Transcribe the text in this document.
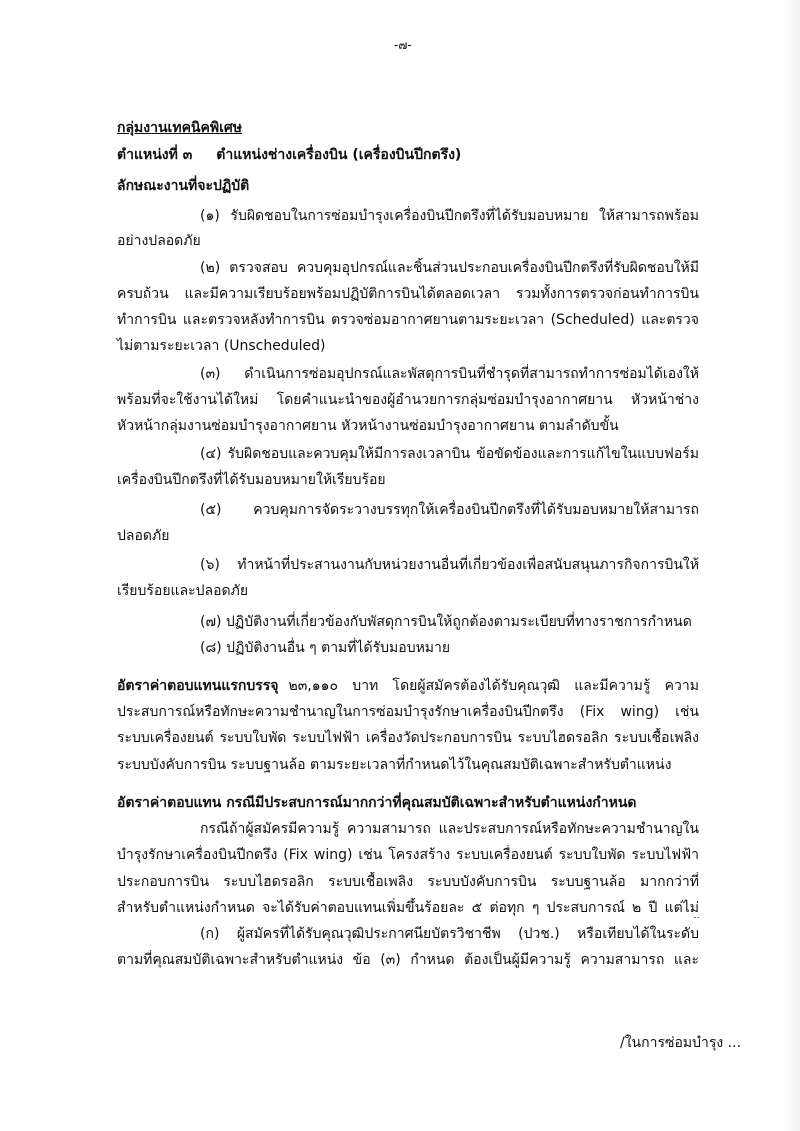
-๗-
กลุ่มงานเทคนิคพิเศษ
ตำแหน่งที่ ๓ ตำแหน่งช่างเครื่องบิน (เครื่องบินปีกตรึง)
ลักษณะงานที่จะปฏิบัติ
(๑) รับผิดชอบในการซ่อมบำรุงเครื่องบินปีกตรึงที่ได้รับมอบหมาย ให้สามารถพร้อม
อย่างปลอดภัย
(๒) ตรวจสอบ ควบคุมอุปกรณ์และชิ้นส่วนประกอบเครื่องบินปีกตรึงที่รับผิดชอบให้มี
ครบถ้วน และมีความเรียบร้อยพร้อมปฏิบัติการบินได้ตลอดเวลา รวมทั้งการตรวจก่อนทำการบิน
ทำการบิน และตรวจหลังทำการบิน ตรวจซ่อมอากาศยานตามระยะเวลา (Scheduled) และตรวจ
ไม่ตามระยะเวลา (Unscheduled)
(๓) ดำเนินการซ่อมอุปกรณ์และพัสดุการบินที่ชำรุดที่สามารถทำการซ่อมได้เองให้
พร้อมที่จะใช้งานได้ใหม่ โดยคำแนะนำของผู้อำนวยการกลุ่มซ่อมบำรุงอากาศยาน หัวหน้าช่าง
หัวหน้ากลุ่มงานซ่อมบำรุงอากาศยาน หัวหน้างานซ่อมบำรุงอากาศยาน ตามลำดับขั้น
(๔) รับผิดชอบและควบคุมให้มีการลงเวลาบิน ข้อขัดข้องและการแก้ไขในแบบฟอร์ม
เครื่องบินปีกตรึงที่ได้รับมอบหมายให้เรียบร้อย
(๕) ควบคุมการจัดระวางบรรทุกให้เครื่องบินปีกตรึงที่ได้รับมอบหมายให้สามารถ
ปลอดภัย
(๖) ทำหน้าที่ประสานงานกับหน่วยงานอื่นที่เกี่ยวข้องเพื่อสนับสนุนภารกิจการบินให้
เรียบร้อยและปลอดภัย
(๗) ปฏิบัติงานที่เกี่ยวข้องกับพัสดุการบินให้ถูกต้องตามระเบียบที่ทางราชการกำหนด
(๘) ปฏิบัติงานอื่น ๆ ตามที่ได้รับมอบหมาย
อัตราค่าตอบแทนแรกบรรจุ ๒๓,๑๑๐ บาท โดยผู้สมัครต้องได้รับคุณวุฒิ และมีความรู้ ความ
ประสบการณ์หรือทักษะความชำนาญในการซ่อมบำรุงรักษาเครื่องบินปีกตรึง (Fix wing) เช่น
ระบบเครื่องยนต์ ระบบใบพัด ระบบไฟฟ้า เครื่องวัดประกอบการบิน ระบบไฮดรอลิก ระบบเชื้อเพลิง
ระบบบังคับการบิน ระบบฐานล้อ ตามระยะเวลาที่กำหนดไว้ในคุณสมบัติเฉพาะสำหรับตำแหน่ง
อัตราค่าตอบแทน กรณีมีประสบการณ์มากกว่าที่คุณสมบัติเฉพาะสำหรับตำแหน่งกำหนด
กรณีถ้าผู้สมัครมีความรู้ ความสามารถ และประสบการณ์หรือทักษะความชำนาญใน
บำรุงรักษาเครื่องบินปีกตรึง (Fix wing) เช่น โครงสร้าง ระบบเครื่องยนต์ ระบบใบพัด ระบบไฟฟ้า
ประกอบการบิน ระบบไฮดรอลิก ระบบเชื้อเพลิง ระบบบังคับการบิน ระบบฐานล้อ มากกว่าที่
สำหรับตำแหน่งกำหนด จะได้รับค่าตอบแทนเพิ่มขึ้นร้อยละ ๕ ต่อทุก ๆ ประสบการณ์ ๒ ปี แต่ไม่
(ก) ผู้สมัครที่ได้รับคุณวุฒิประกาศนียบัตรวิชาชีพ (ปวช.) หรือเทียบได้ในระดับ
ตามที่คุณสมบัติเฉพาะสำหรับตำแหน่ง ข้อ (๓) กำหนด ต้องเป็นผู้มีความรู้ ความสามารถ และ
/ในการซ่อมบำรุง ...
